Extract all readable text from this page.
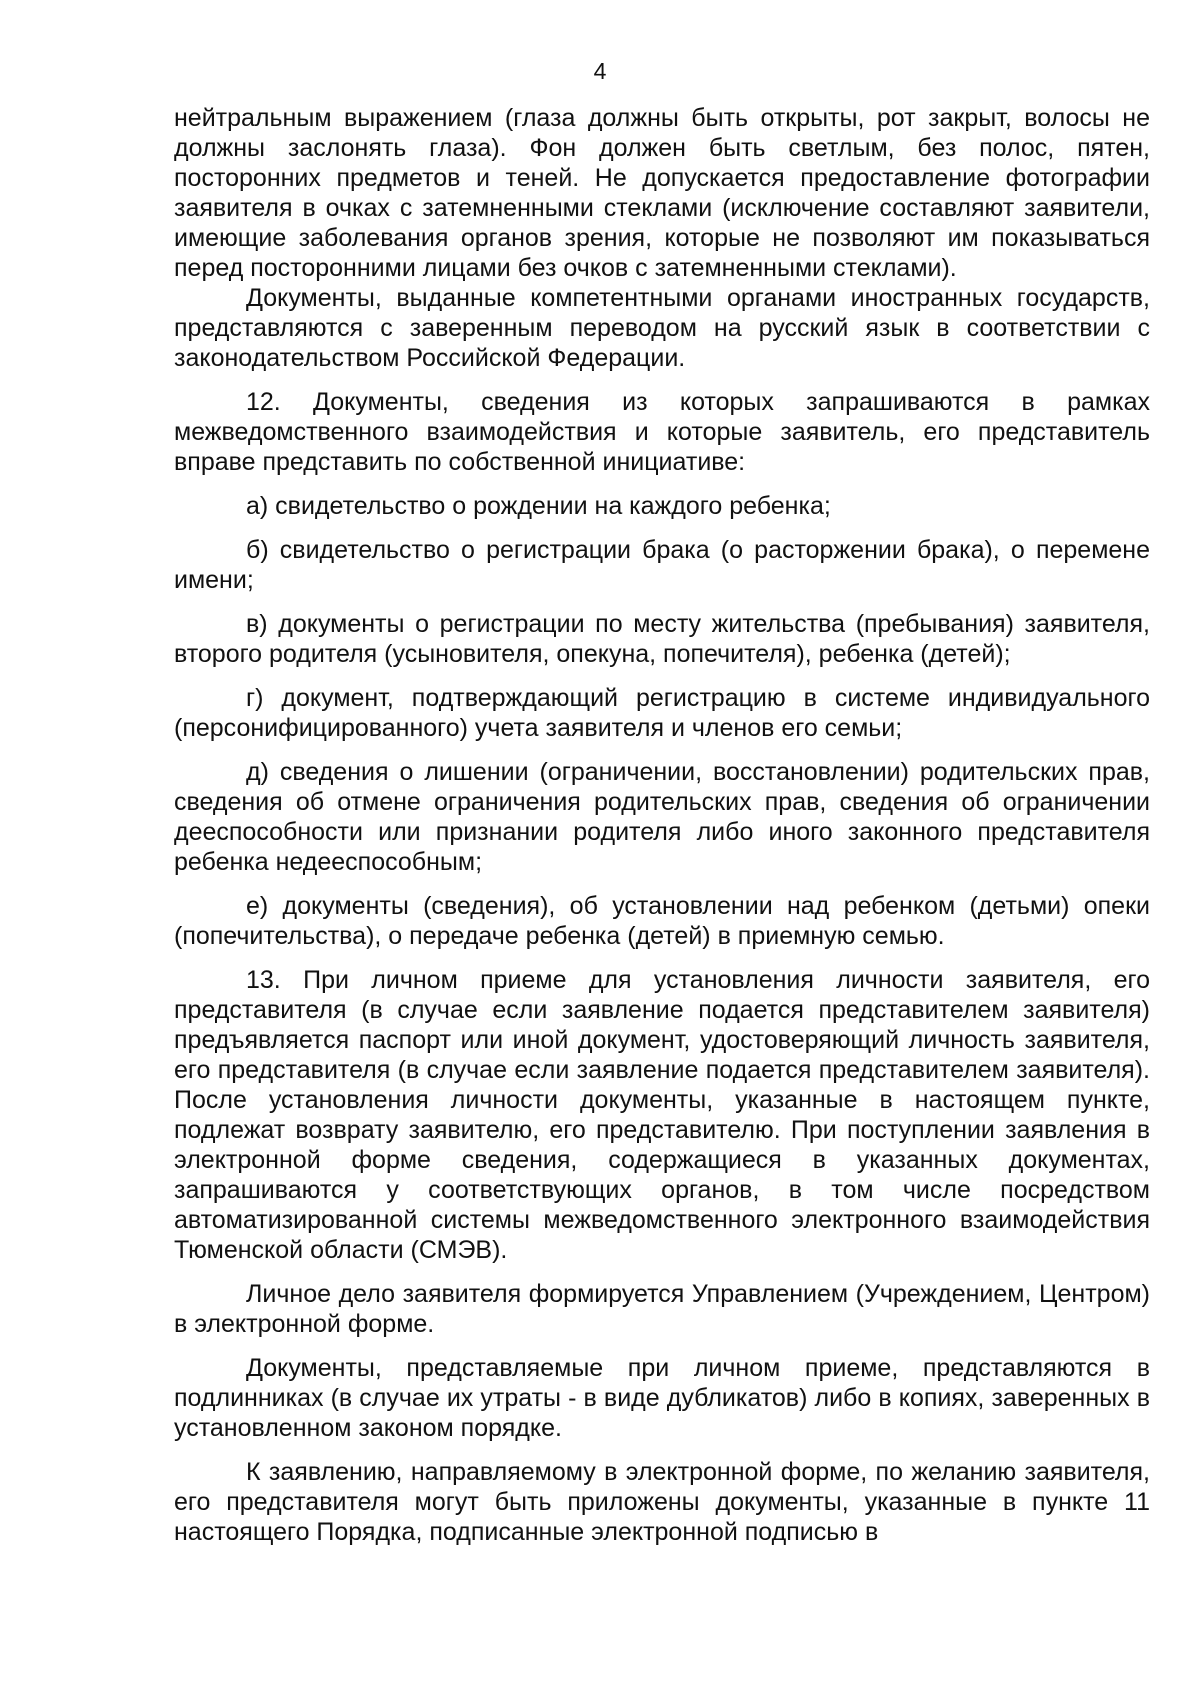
4

нейтральным выражением (глаза должны быть открыты, рот закрыт, волосы не должны заслонять глаза). Фон должен быть светлым, без полос, пятен, посторонних предметов и теней. Не допускается предоставление фотографии заявителя в очках с затемненными стеклами (исключение составляют заявители, имеющие заболевания органов зрения, которые не позволяют им показываться перед посторонними лицами без очков с затемненными стеклами).

Документы, выданные компетентными органами иностранных государств, представляются с заверенным переводом на русский язык в соответствии с законодательством Российской Федерации.

12. Документы, сведения из которых запрашиваются в рамках межведомственного взаимодействия и которые заявитель, его представитель вправе представить по собственной инициативе:

а) свидетельство о рождении на каждого ребенка;

б) свидетельство о регистрации брака (о расторжении брака), о перемене имени;

в) документы о регистрации по месту жительства (пребывания) заявителя, второго родителя (усыновителя, опекуна, попечителя), ребенка (детей);

г) документ, подтверждающий регистрацию в системе индивидуального (персонифицированного) учета заявителя и членов его семьи;

д) сведения о лишении (ограничении, восстановлении) родительских прав, сведения об отмене ограничения родительских прав, сведения об ограничении дееспособности или признании родителя либо иного законного представителя ребенка недееспособным;

е) документы (сведения), об установлении над ребенком (детьми) опеки (попечительства), о передаче ребенка (детей) в приемную семью.

13. При личном приеме для установления личности заявителя, его представителя (в случае если заявление подается представителем заявителя) предъявляется паспорт или иной документ, удостоверяющий личность заявителя, его представителя (в случае если заявление подается представителем заявителя). После установления личности документы, указанные в настоящем пункте, подлежат возврату заявителю, его представителю. При поступлении заявления в электронной форме сведения, содержащиеся в указанных документах, запрашиваются у соответствующих органов, в том числе посредством автоматизированной системы межведомственного электронного взаимодействия Тюменской области (СМЭВ).

Личное дело заявителя формируется Управлением (Учреждением, Центром) в электронной форме.

Документы, представляемые при личном приеме, представляются в подлинниках (в случае их утраты - в виде дубликатов) либо в копиях, заверенных в установленном законом порядке.

К заявлению, направляемому в электронной форме, по желанию заявителя, его представителя могут быть приложены документы, указанные в пункте 11 настоящего Порядка, подписанные электронной подписью в
